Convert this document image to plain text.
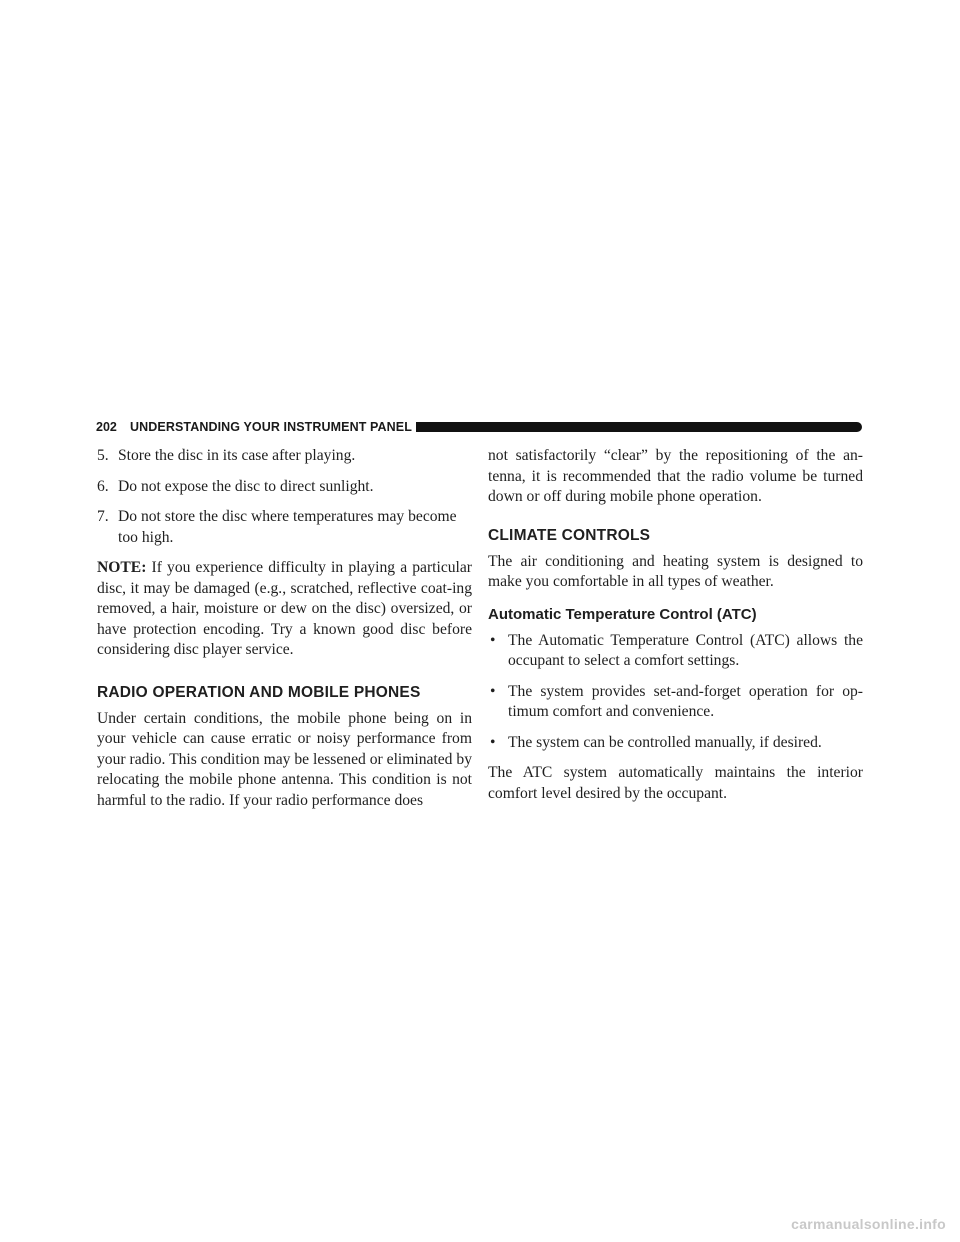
202 UNDERSTANDING YOUR INSTRUMENT PANEL

5. Store the disc in its case after playing.

6. Do not expose the disc to direct sunlight.

7. Do not store the disc where temperatures may become too high.

NOTE: If you experience difficulty in playing a particular disc, it may be damaged (e.g., scratched, reflective coat-ing removed, a hair, moisture or dew on the disc) oversized, or have protection encoding. Try a known good disc before considering disc player service.

RADIO OPERATION AND MOBILE PHONES

Under certain conditions, the mobile phone being on in your vehicle can cause erratic or noisy performance from your radio. This condition may be lessened or eliminated by relocating the mobile phone antenna. This condition is not harmful to the radio. If your radio performance does

not satisfactorily “clear” by the repositioning of the an-tenna, it is recommended that the radio volume be turned down or off during mobile phone operation.

CLIMATE CONTROLS

The air conditioning and heating system is designed to make you comfortable in all types of weather.

Automatic Temperature Control (ATC)

• The Automatic Temperature Control (ATC) allows the occupant to select a comfort settings.

• The system provides set-and-forget operation for op-timum comfort and convenience.

• The system can be controlled manually, if desired.

The ATC system automatically maintains the interior comfort level desired by the occupant.

carmanualsonline.info
